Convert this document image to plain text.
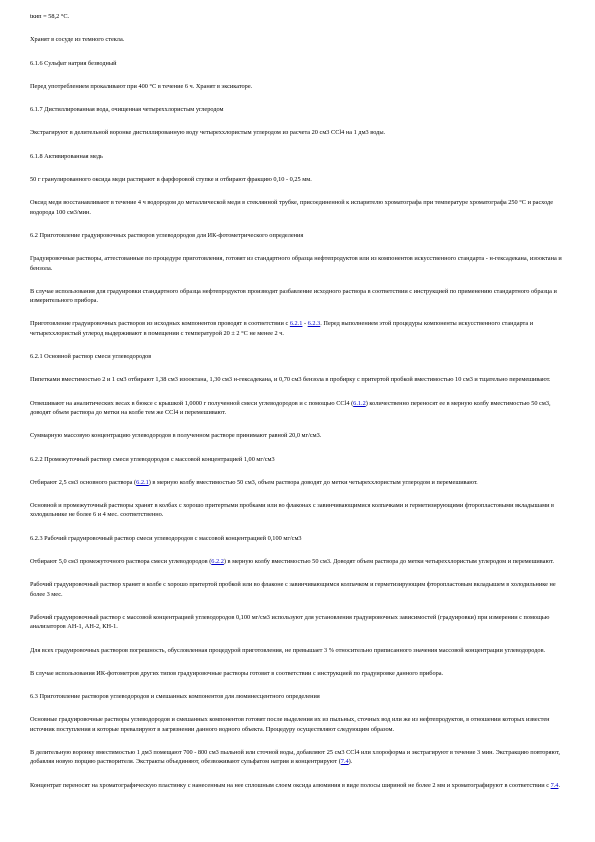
tкип = 58,2 °С.

Хранят в сосуде из темного стекла.

6.1.6 Сульфат натрия безводный

Перед употреблением прокаливают при 400 °С в течение 6 ч. Хранят в эксикаторе.

6.1.7 Дистиллированная вода, очищенная четыреххлористым углеродом

Экстрагируют в делительной воронке дистиллированную воду четыреххлористым углеродом из расчета 20 см3 CCl4 на 1 дм3 воды.

6.1.8 Активированная медь

50 г гранулированного оксида меди растирают в фарфоровой ступке и отбирают фракцию 0,10 - 0,25 мм.

Оксид меди восстанавливают в течение 4 ч водородом до металлической меди в стеклянной трубке, присоединенной к испарителю хроматографа при температуре хроматографа 250 °С и расходе водорода 100 см3/мин.

6.2 Приготовление градуировочных растворов углеводородов для ИК-фотометрического определения

Градуировочные растворы, аттестованные по процедуре приготовления, готовят из стандартного образца нефтепродуктов или из компонентов искусственного стандарта - н-гексадекана, изооктана и бензола.

В случае использования для градуировки стандартного образца нефтепродуктов производят разбавление исходного раствора в соответствии с инструкцией по применению стандартного образца и измерительного прибора.

Приготовление градуировочных растворов из исходных компонентов проводят в соответствии с 6.2.1 - 6.2.3. Перед выполнением этой процедуры компоненты искусственного стандарта и четыреххлористый углерод выдерживают в помещении с температурой 20 ± 2 °С не менее 2 ч.

6.2.1 Основной раствор смеси углеводородов

Пипетками вместимостью 2 и 1 см3 отбирают 1,38 см3 изооктана, 1,30 см3 н-гексадекана, и 0,70 см3 бензола в пробирку с притертой пробкой вместимостью 10 см3 и тщательно перемешивают.

Отвешивают на аналитических весах в бюксе с крышкой 1,0000 г полученной смеси углеводородов и с помощью CCl4 (6.1.2) количественно переносят ее в мерную колбу вместимостью 50 см3, доводят объем раствора до метки на колбе тем же CCl4 и перемешивают.

Суммарную массовую концентрацию углеводородов в полученном растворе принимают равной 20,0 мг/см3.

6.2.2 Промежуточный раствор смеси углеводородов с массовой концентрацией 1,00 мг/см3

Отбирают 2,5 см3 основного раствора (6.2.1) в мерную колбу вместимостью 50 см3, объем раствора доводят до метки четыреххлористым углеродом и перемешивают.

Основной и промежуточный растворы хранят в колбах с хорошо притертыми пробками или во флаконах с завинчивающимися колпачками и герметизирующими фторопластовыми вкладышами в холодильнике не более 6 и 4 мес. соответственно.

6.2.3 Рабочий градуировочный раствор смеси углеводородов с массовой концентрацией 0,100 мг/см3

Отбирают 5,0 см3 промежуточного раствора смеси углеводородов (6.2.2) в мерную колбу вместимостью 50 см3. Доводят объем раствора до метки четыреххлористым углеродом и перемешивают.

Рабочий градуировочный раствор хранят в колбе с хорошо притертой пробкой или во флаконе с завинчивающимся колпачком и герметизирующим фторопластовым вкладышем в холодильнике не более 3 мес.

Рабочий градуировочный раствор с массовой концентрацией углеводородов 0,100 мг/см3 используют для установления градуировочных зависимостей (градуировки) при измерении с помощью анализаторов АН-1, АН-2, КН-1.

Для всех градуировочных растворов погрешность, обусловленная процедурой приготовления, не превышает 3 % относительно приписанного значения массовой концентрации углеводородов.

В случае использования ИК-фотометров других типов градуировочные растворы готовят в соответствии с инструкцией по градуировке данного прибора.

6.3 Приготовление растворов углеводородов и смешанных компонентов для люминесцентного определения

Основные градуировочные растворы углеводородов и смешанных компонентов готовят после выделения их из пыльных, сточных вод или же из нефтепродуктов, в отношении которых известен источник поступления и которые превалируют в загрязнении данного водного объекта. Процедуру осуществляют следующим образом.

В делительную воронку вместимостью 1 дм3 помещают 700 - 800 см3 пыльной или сточной воды, добавляют 25 см3 CCl4 или хлороформа и экстрагируют в течение 3 мин. Экстракцию повторяют, добавляя новую порцию растворителя. Экстракты объединяют, обезвоживают сульфатом натрия и концентрируют (7.4).

Концентрат переносят на хроматографическую пластинку с нанесенным на нее сплошным слоем оксида алюминия в виде полосы шириной не более 2 мм и хроматографируют в соответствии с 7.4.
